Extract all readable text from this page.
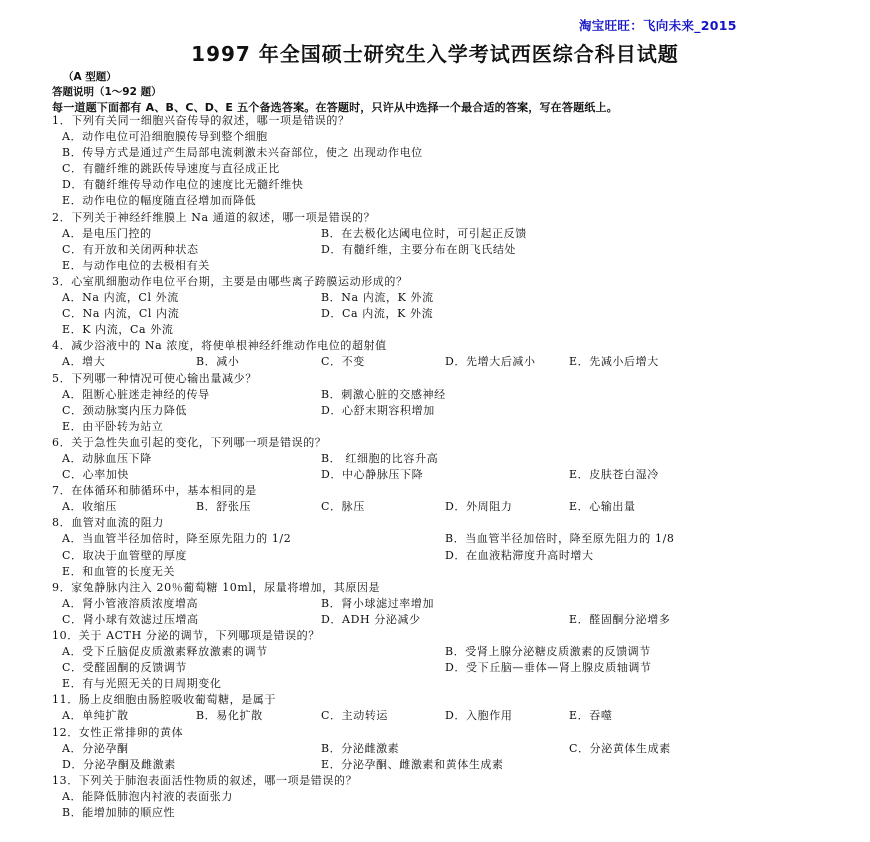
淘宝旺旺：飞向未来_2015
1997 年全国硕士研究生入学考试西医综合科目试题
（A 型题）
答题说明（1～92 题）
每一道题下面都有 A、B、C、D、E 五个备选答案。在答题时，只许从中选择一个最合适的答案，写在答题纸上。
1．下列有关同一细胞兴奋传导的叙述，哪一项是错误的？
A．动作电位可沿细胞膜传导到整个细胞
B．传导方式是通过产生局部电流刺激未兴奋部位，使之 出现动作电位
C．有髓纤维的跳跃传导速度与直径成正比
D．有髓纤维传导动作电位的速度比无髓纤维快
E．动作电位的幅度随直径增加而降低
2．下列关于神经纤维膜上 Na 通道的叙述，哪一项是错误的？
A．是电压门控的	B．在去极化达阈电位时，可引起正反馈
C．有开放和关闭两种状态	D．有髓纤维，主要分布在朗飞氏结处
E．与动作电位的去极相有关
3．心室肌细胞动作电位平台期，主要是由哪些离子跨膜运动形成的？
A．Na 内流，Cl 外流	B．Na 内流，K 外流
C．Na 内流，Cl 内流	D．Ca 内流，K 外流
E．K 内流，Ca 外流
4．减少浴液中的 Na 浓度，将使单根神经纤维动作电位的超射值
A．增大	B．减小	C．不变	D．先增大后减小	E．先减小后增大
5．下列哪一种情况可使心输出量减少？
A．阻断心脏迷走神经的传导	B．刺激心脏的交感神经
C．颈动脉窦内压力降低	D．心舒末期容积增加
E．由平卧转为站立
6．关于急性失血引起的变化，下列哪一项是错误的？
A．动脉血压下降	B． 红细胞的比容升高
C．心率加快	D．中心静脉压下降	E．皮肤苍白湿冷
7．在体循环和肺循环中，基本相同的是
A．收缩压	B．舒张压	C．脉压	D．外周阻力	E．心输出量
8．血管对血流的阻力
A．当血管半径加倍时，降至原先阻力的 1/2	B．当血管半径加倍时，降至原先阻力的 1/8
C．取决于血管壁的厚度	D．在血液粘滞度升高时增大
E．和血管的长度无关
9．家兔静脉内注入 20％葡萄糖 10ml，尿量将增加，其原因是
A．肾小管液溶质浓度增高	B．肾小球滤过率增加
C．肾小球有效滤过压增高	D．ADH 分泌减少	E．醛固酮分泌增多
10．关于 ACTH 分泌的调节，下列哪项是错误的？
A．受下丘脑促皮质激素释放激素的调节	B．受肾上腺分泌糖皮质激素的反馈调节
C．受醛固酮的反馈调节	D．受下丘脑—垂体—肾上腺皮质轴调节
E．有与光照无关的日周期变化
11．肠上皮细胞由肠腔吸收葡萄糖，是属于
A．单纯扩散	B．易化扩散	C．主动转运	D．入胞作用	E．吞噬
12．女性正常排卵的黄体
A．分泌孕酮	B．分泌雌激素	C．分泌黄体生成素
D．分泌孕酮及雌激素	E．分泌孕酮、雌激素和黄体生成素
13．下列关于肺泡表面活性物质的叙述，哪一项是错误的？
A．能降低肺泡内衬液的表面张力
B．能增加肺的顺应性
